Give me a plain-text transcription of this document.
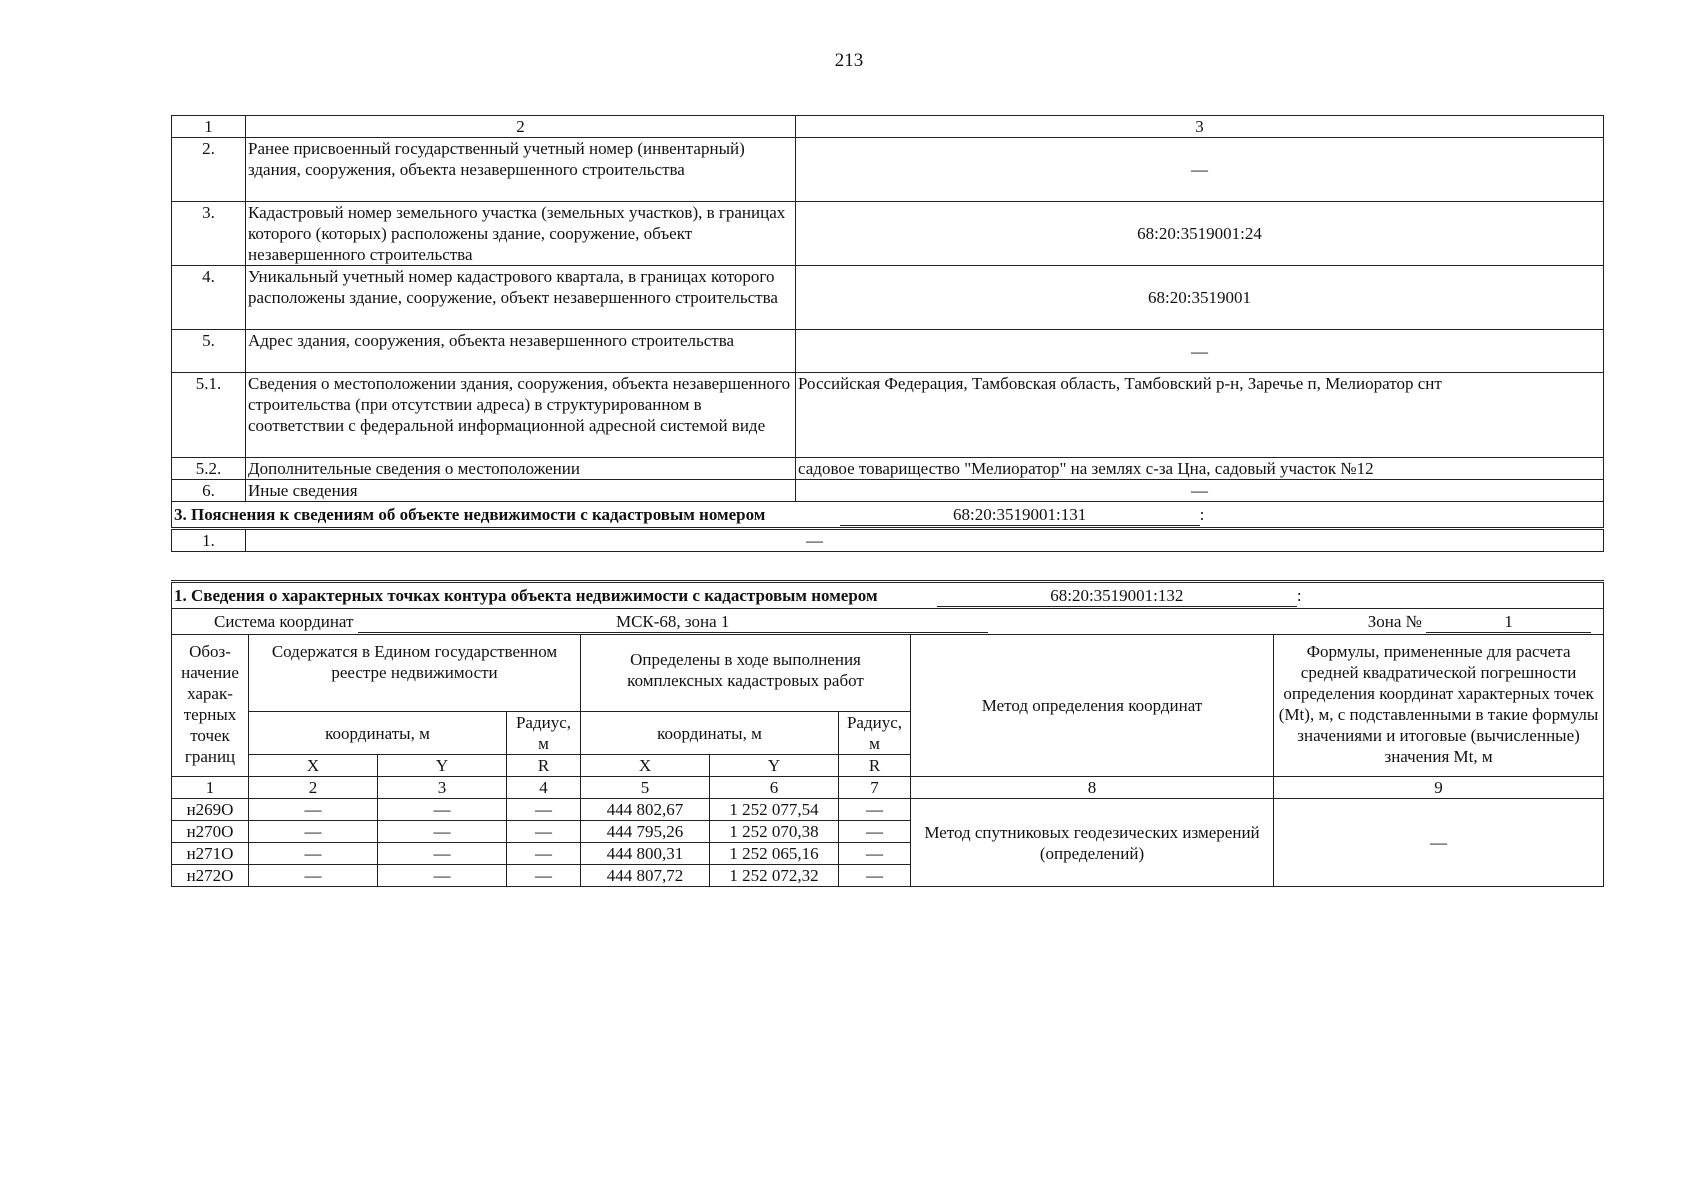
213
1	2	3
2.	Ранее присвоенный государственный учетный номер (инвентарный) здания, сооружения, объекта незавершенного строительства	—
3.	Кадастровый номер земельного участка (земельных участков), в границах которого (которых) расположены здание, сооружение, объект незавершенного строительства	68:20:3519001:24
4.	Уникальный учетный номер кадастрового квартала, в границах которого расположены здание, сооружение, объект незавершенного строительства	68:20:3519001
5.	Адрес здания, сооружения, объекта незавершенного строительства	—
5.1.	Сведения о местоположении здания, сооружения, объекта незавершенного строительства (при отсутствии адреса) в структурированном в соответствии с федеральной информационной адресной системой виде	Российская Федерация, Тамбовская область, Тамбовский р-н, Заречье п, Мелиоратор снт
5.2.	Дополнительные сведения о местоположении	садовое товарищество "Мелиоратор" на землях с-за Цна, садовый участок №12
6.	Иные сведения	—
3. Пояснения к сведениям об объекте недвижимости с кадастровым номером 68:20:3519001:131 :		
1.	—	
1. Сведения о характерных точках контура объекта недвижимости с кадастровым номером 68:20:3519001:132 :								
Система координат МСК-68, зона 1 Зона № 1								

Обоз-начение харак-терных точек границ	Содержатся в Едином государственном реестре недвижимости			Определены в ходе выполнения комплексных кадастровых работ			Метод определения координат	Формулы, примененные для расчета средней квадратической погрешности определения координат характерных точек (Mt), м, с подставленными в такие формулы значениями и итоговые (вычисленные) значения Mt, м
	координаты, м		Радиус, м	координаты, м		Радиус, м		
	X	Y	R	X	Y	R		
1	2	3	4	5	6	7	8	9
н269О	—	—	—	444 802,67	1 252 077,54	—	Метод спутниковых геодезических измерений (определений)	—
н270О	—	—	—	444 795,26	1 252 070,38	—		
н271О	—	—	—	444 800,31	1 252 065,16	—		
н272О	—	—	—	444 807,72	1 252 072,32	—		
